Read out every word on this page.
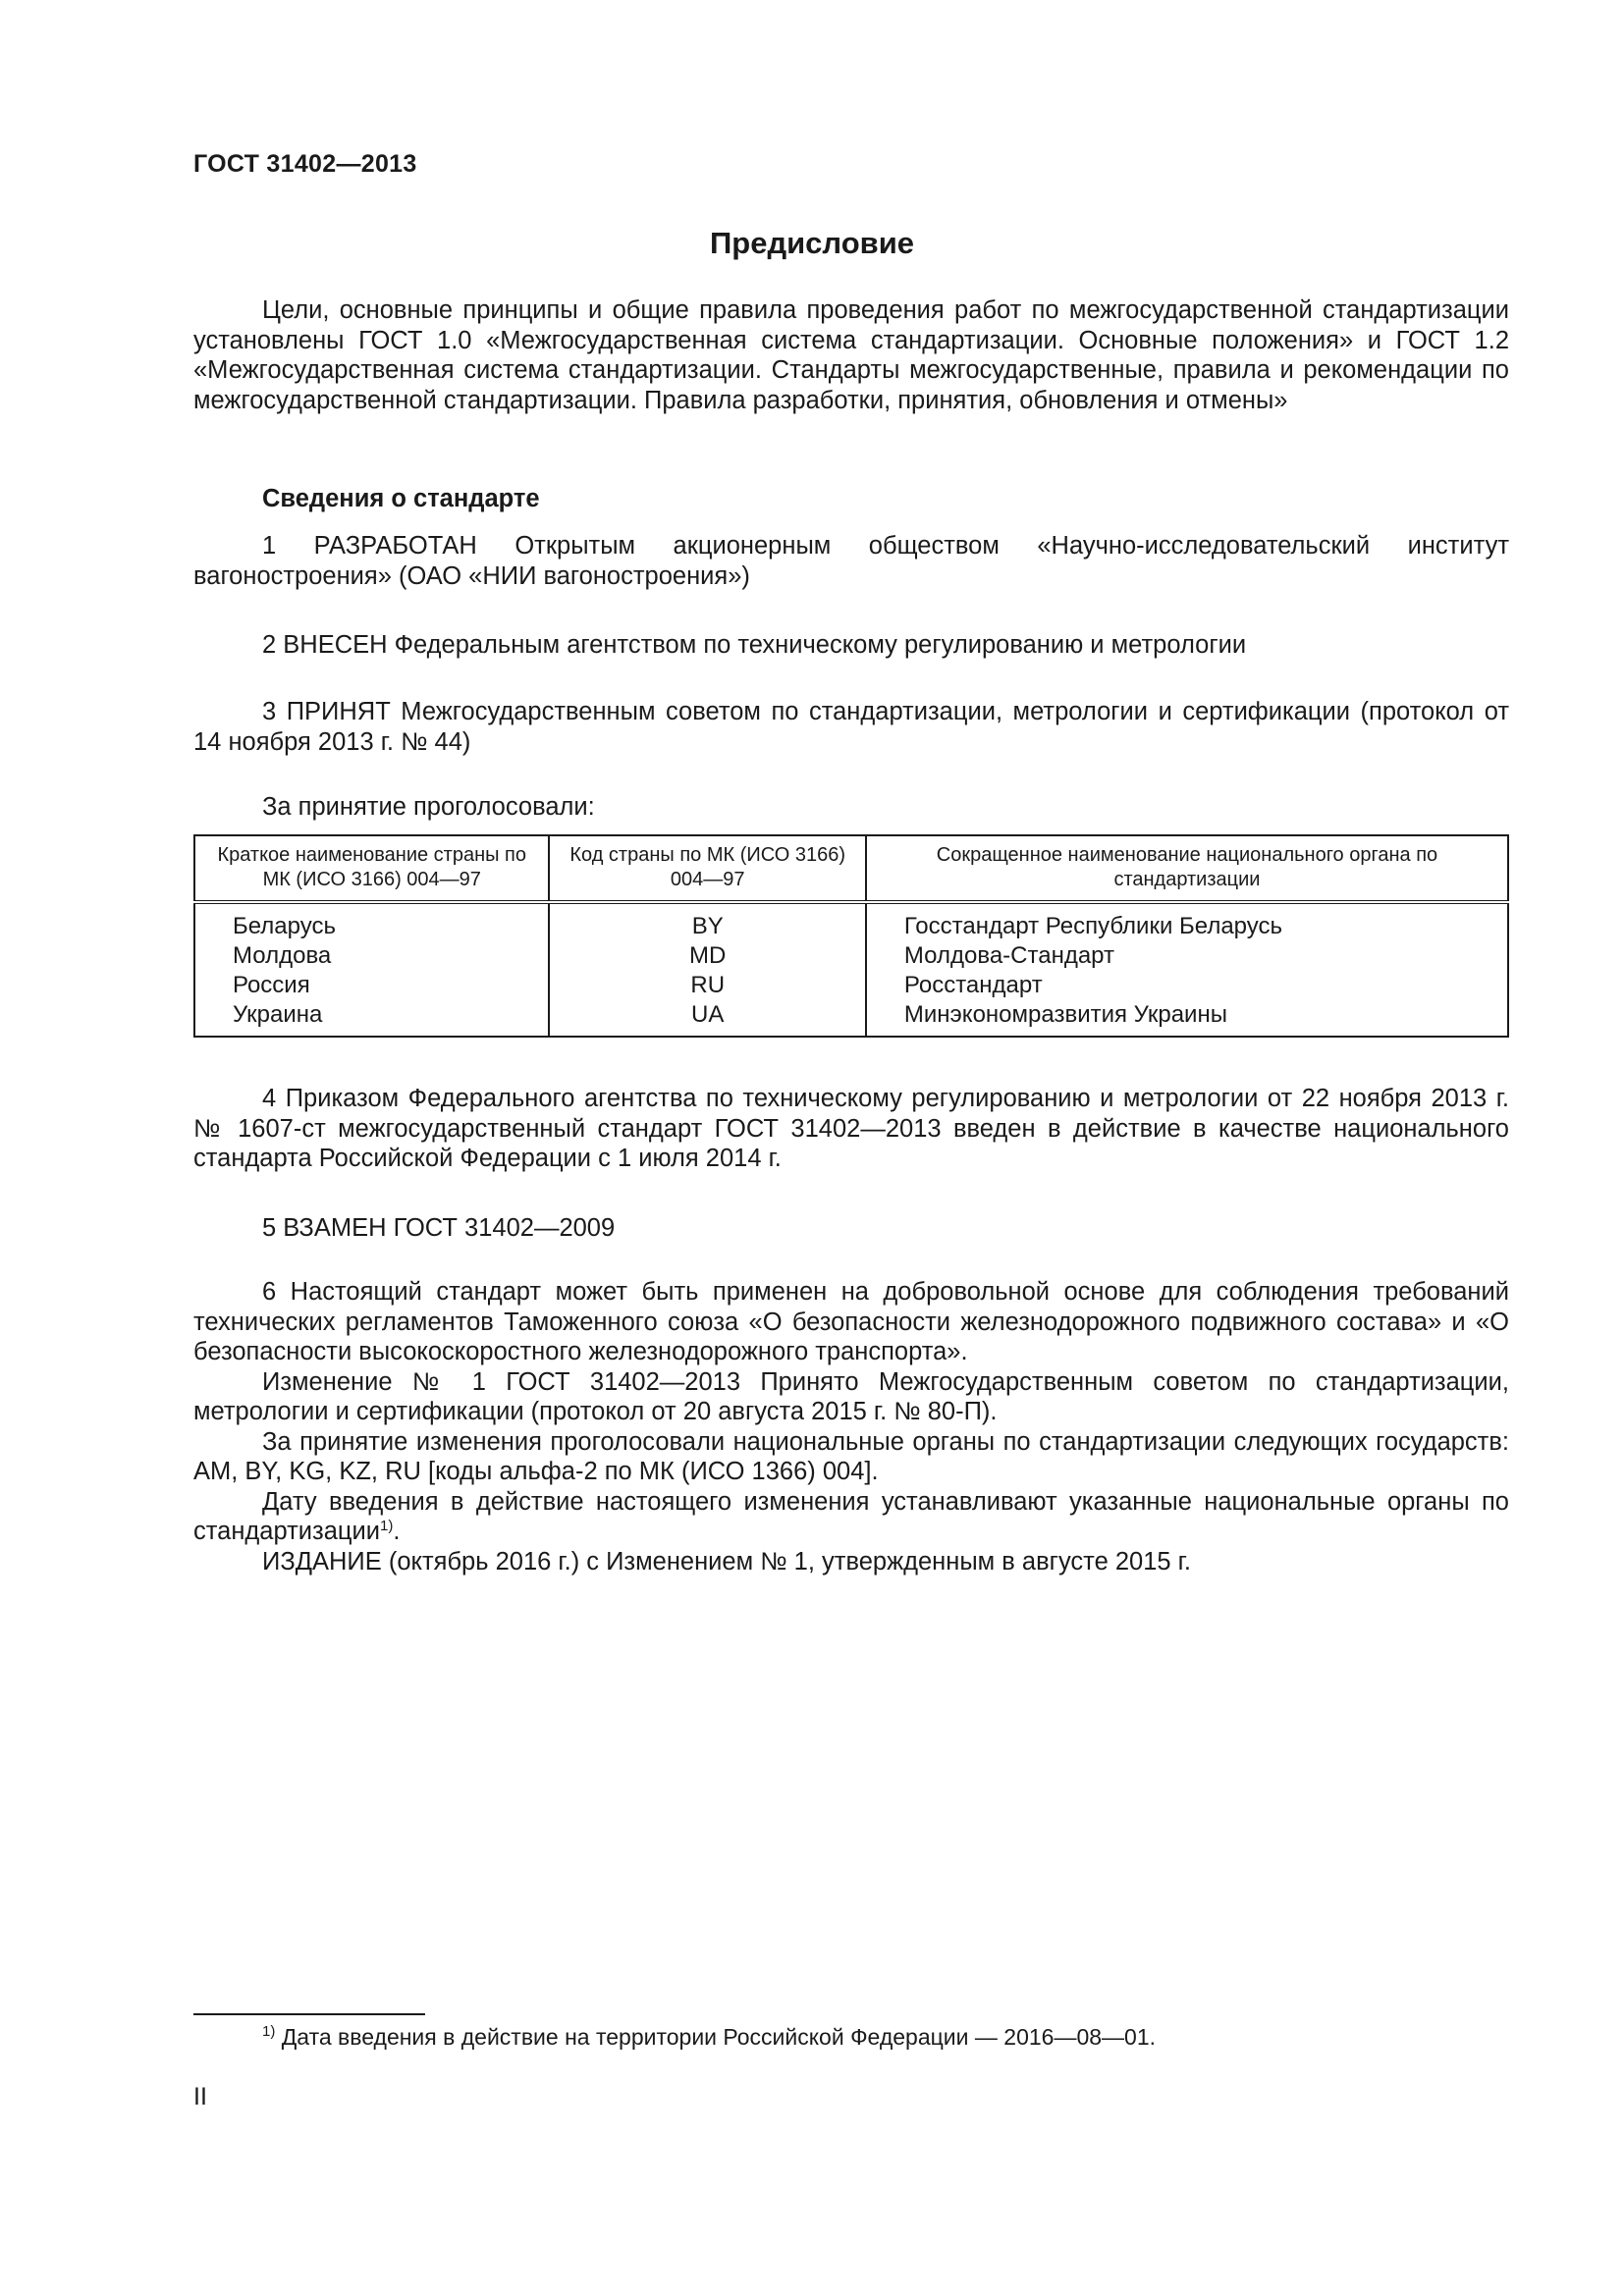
ГОСТ 31402—2013
Предисловие

Цели, основные принципы и общие правила проведения работ по межгосударственной стандартизации установлены ГОСТ 1.0 «Межгосударственная система стандартизации. Основные положения» и ГОСТ 1.2 «Межгосударственная система стандартизации. Стандарты межгосударственные, правила и рекомендации по межгосударственной стандартизации. Правила разработки, принятия, обновления и отмены»

Сведения о стандарте

1 РАЗРАБОТАН Открытым акционерным обществом «Научно-исследовательский институт вагоностроения» (ОАО «НИИ вагоностроения»)

2 ВНЕСЕН Федеральным агентством по техническому регулированию и метрологии

3 ПРИНЯТ Межгосударственным советом по стандартизации, метрологии и сертификации (протокол от 14 ноября 2013 г. № 44)

За принятие проголосовали:
Краткое наименование страны по МК (ИСО 3166) 004—97	Код страны по МК (ИСО 3166) 004—97	Сокращенное наименование национального органа по стандартизации
Беларусь	BY	Госстандарт Республики Беларусь
Молдова	MD	Молдова-Стандарт
Россия	RU	Росстандарт
Украина	UA	Минэкономразвития Украины

4 Приказом Федерального агентства по техническому регулированию и метрологии от 22 ноября 2013 г. № 1607-ст межгосударственный стандарт ГОСТ 31402—2013 введен в действие в качестве национального стандарта Российской Федерации с 1 июля 2014 г.

5 ВЗАМЕН ГОСТ 31402—2009

6 Настоящий стандарт может быть применен на добровольной основе для соблюдения требований технических регламентов Таможенного союза «О безопасности железнодорожного подвижного состава» и «О безопасности высокоскоростного железнодорожного транспорта».

Изменение № 1 ГОСТ 31402—2013 Принято Межгосударственным советом по стандартизации, метрологии и сертификации (протокол от 20 августа 2015 г. № 80-П).

За принятие изменения проголосовали национальные органы по стандартизации следующих государств: AM, BY, KG, KZ, RU [коды альфа-2 по МК (ИСО 1366) 004].

Дату введения в действие настоящего изменения устанавливают указанные национальные органы по стандартизации$^{1)}$.

ИЗДАНИЕ (октябрь 2016 г.) с Изменением № 1, утвержденным в августе 2015 г.

$^{1)}$ Дата введения в действие на территории Российской Федерации — 2016—08—01.
II
